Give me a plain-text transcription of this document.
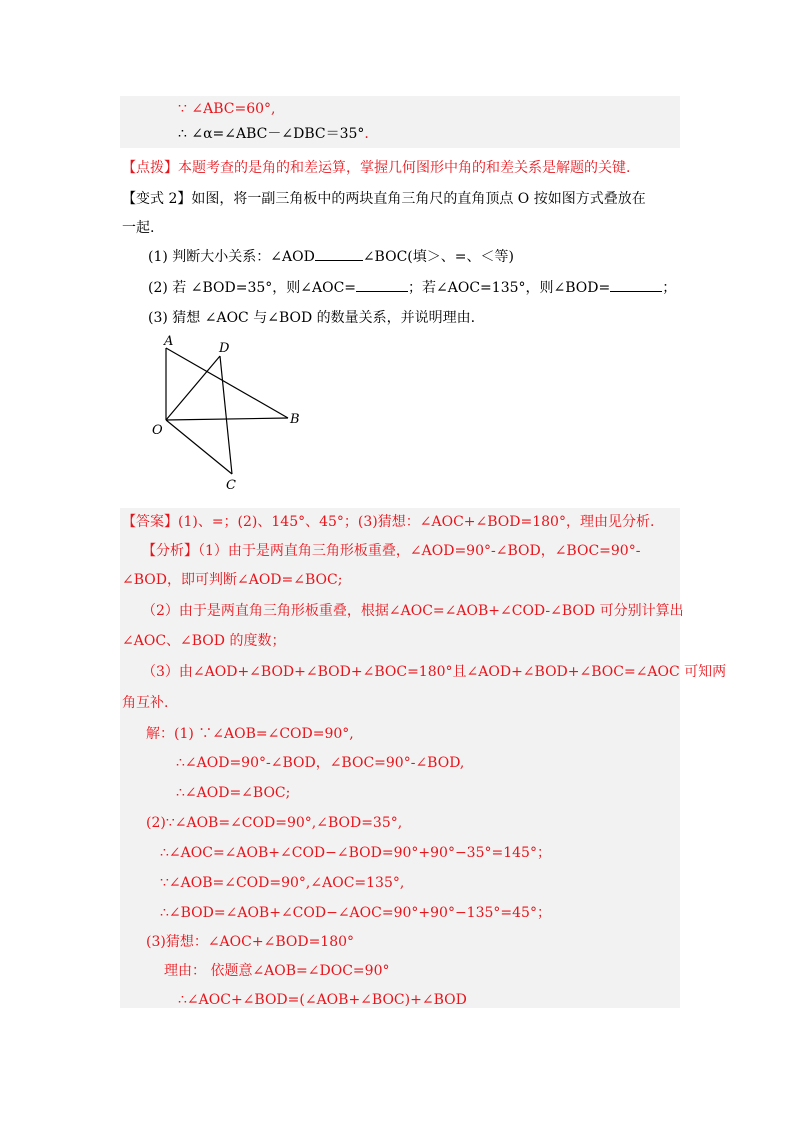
∵ ∠ABC=60°,
∴ ∠α=∠ABC－∠DBC＝35°.
【点拨】本题考查的是角的和差运算，掌握几何图形中角的和差关系是解题的关键.
【变式 2】如图，将一副三角板中的两块直角三角尺的直角顶点 O 按如图方式叠放在
一起.
(1) 判断大小关系：∠AOD	∠BOC(填＞、=、＜等)
(2) 若 ∠BOD=35°，则∠AOC=	；若∠AOC=135°，则∠BOD=	；
(3) 猜想 ∠AOC 与∠BOD 的数量关系，并说明理由.
A	D
B
O
C
【答案】(1)、=；(2)、145°、45°；(3)猜想：∠AOC+∠BOD=180°，理由见分析.
【分析】（1）由于是两直角三角形板重叠，∠AOD=90°-∠BOD，∠BOC=90°-
∠BOD，即可判断∠AOD=∠BOC;
（2）由于是两直角三角形板重叠，根据∠AOC=∠AOB+∠COD-∠BOD 可分别计算出
∠AOC、∠BOD 的度数；
（3）由∠AOD+∠BOD+∠BOD+∠BOC=180°且∠AOD+∠BOD+∠BOC=∠AOC 可知两
角互补.
解：(1) ∵∠AOB=∠COD=90°,
∴∠AOD=90°-∠BOD，∠BOC=90°-∠BOD,
∴∠AOD=∠BOC;
(2)∵∠AOB=∠COD=90°,∠BOD=35°,
∴∠AOC=∠AOB+∠COD−∠BOD=90°+90°−35°=145°；
∵∠AOB=∠COD=90°,∠AOC=135°,
∴∠BOD=∠AOB+∠COD−∠AOC=90°+90°−135°=45°；
(3)猜想：∠AOC+∠BOD=180°
理由： 依题意∠AOB=∠DOC=90°
∴∠AOC+∠BOD=(∠AOB+∠BOC)+∠BOD
